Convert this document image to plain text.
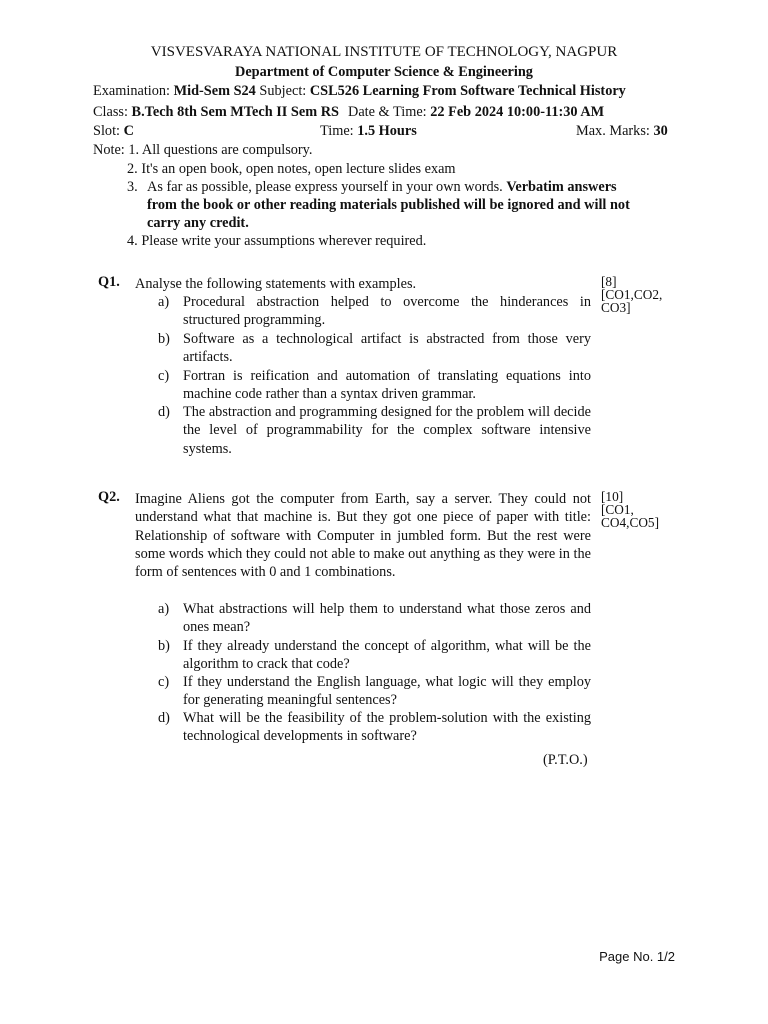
VISVESVARAYA NATIONAL INSTITUTE OF TECHNOLOGY, NAGPUR
Department of Computer Science & Engineering
Examination: Mid-Sem S24 Subject: CSL526 Learning From Software Technical History
Class: B.Tech 8th Sem MTech II Sem RS Date & Time: 22 Feb 2024 10:00-11:30 AM
Slot: C	Time: 1.5 Hours	Max. Marks: 30
Note: 1. All questions are compulsory.
2. It's an open book, open notes, open lecture slides exam
3. As far as possible, please express yourself in your own words. Verbatim answers
from the book or other reading materials published will be ignored and will not
carry any credit.
4. Please write your assumptions wherever required.
Q1. Analyse the following statements with examples.	[8]
[CO1,CO2,
CO3]
a) Procedural abstraction helped to overcome the hinderances in structured programming.
b) Software as a technological artifact is abstracted from those very artifacts.
c) Fortran is reification and automation of translating equations into machine code rather than a syntax driven grammar.
d) The abstraction and programming designed for the problem will decide the level of programmability for the complex software intensive systems.
Q2. Imagine Aliens got the computer from Earth, say a server. They could not understand what that machine is. But they got one piece of paper with title: Relationship of software with Computer in jumbled form. But the rest were some words which they could not able to make out anything as they were in the form of sentences with 0 and 1 combinations.
[10]
[CO1,
CO4,CO5]
a) What abstractions will help them to understand what those zeros and ones mean?
b) If they already understand the concept of algorithm, what will be the algorithm to crack that code?
c) If they understand the English language, what logic will they employ for generating meaningful sentences?
d) What will be the feasibility of the problem-solution with the existing technological developments in software?
(P.T.O.)
Page No. 1/2
